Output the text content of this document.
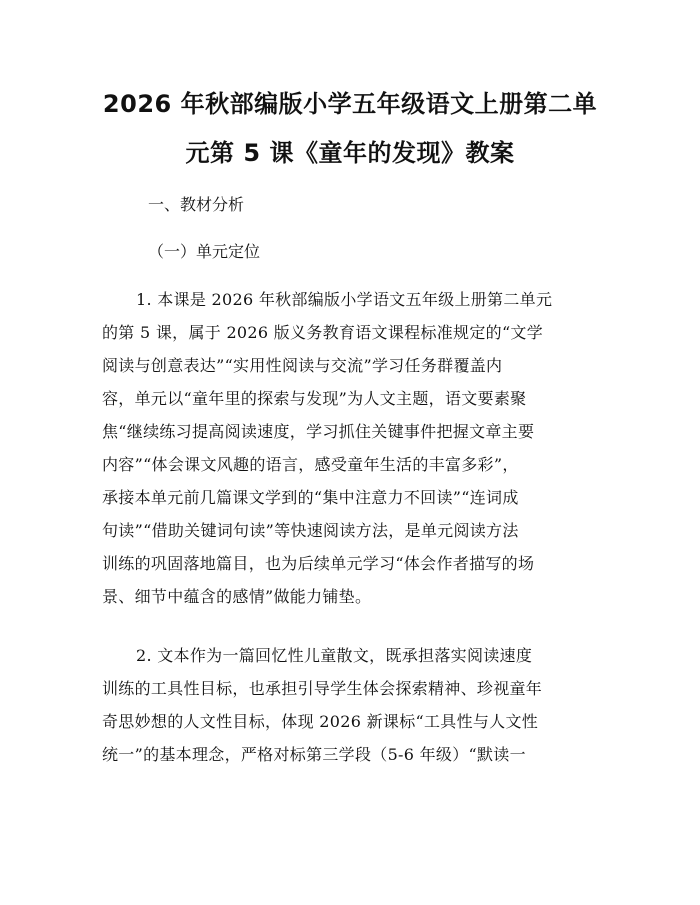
2026 年秋部编版小学五年级语文上册第二单
元第 5 课《童年的发现》教案
一、教材分析
（一）单元定位
1. 本课是 2026 年秋部编版小学语文五年级上册第二单元
的第 5 课，属于 2026 版义务教育语文课程标准规定的“文学
阅读与创意表达”“实用性阅读与交流”学习任务群覆盖内
容，单元以“童年里的探索与发现”为人文主题，语文要素聚
焦“继续练习提高阅读速度，学习抓住关键事件把握文章主要
内容”“体会课文风趣的语言，感受童年生活的丰富多彩”，
承接本单元前几篇课文学到的“集中注意力不回读”“连词成
句读”“借助关键词句读”等快速阅读方法，是单元阅读方法
训练的巩固落地篇目，也为后续单元学习“体会作者描写的场
景、细节中蕴含的感情”做能力铺垫。
2. 文本作为一篇回忆性儿童散文，既承担落实阅读速度
训练的工具性目标，也承担引导学生体会探索精神、珍视童年
奇思妙想的人文性目标，体现 2026 新课标“工具性与人文性
统一”的基本理念，严格对标第三学段（5-6 年级）“默读一
